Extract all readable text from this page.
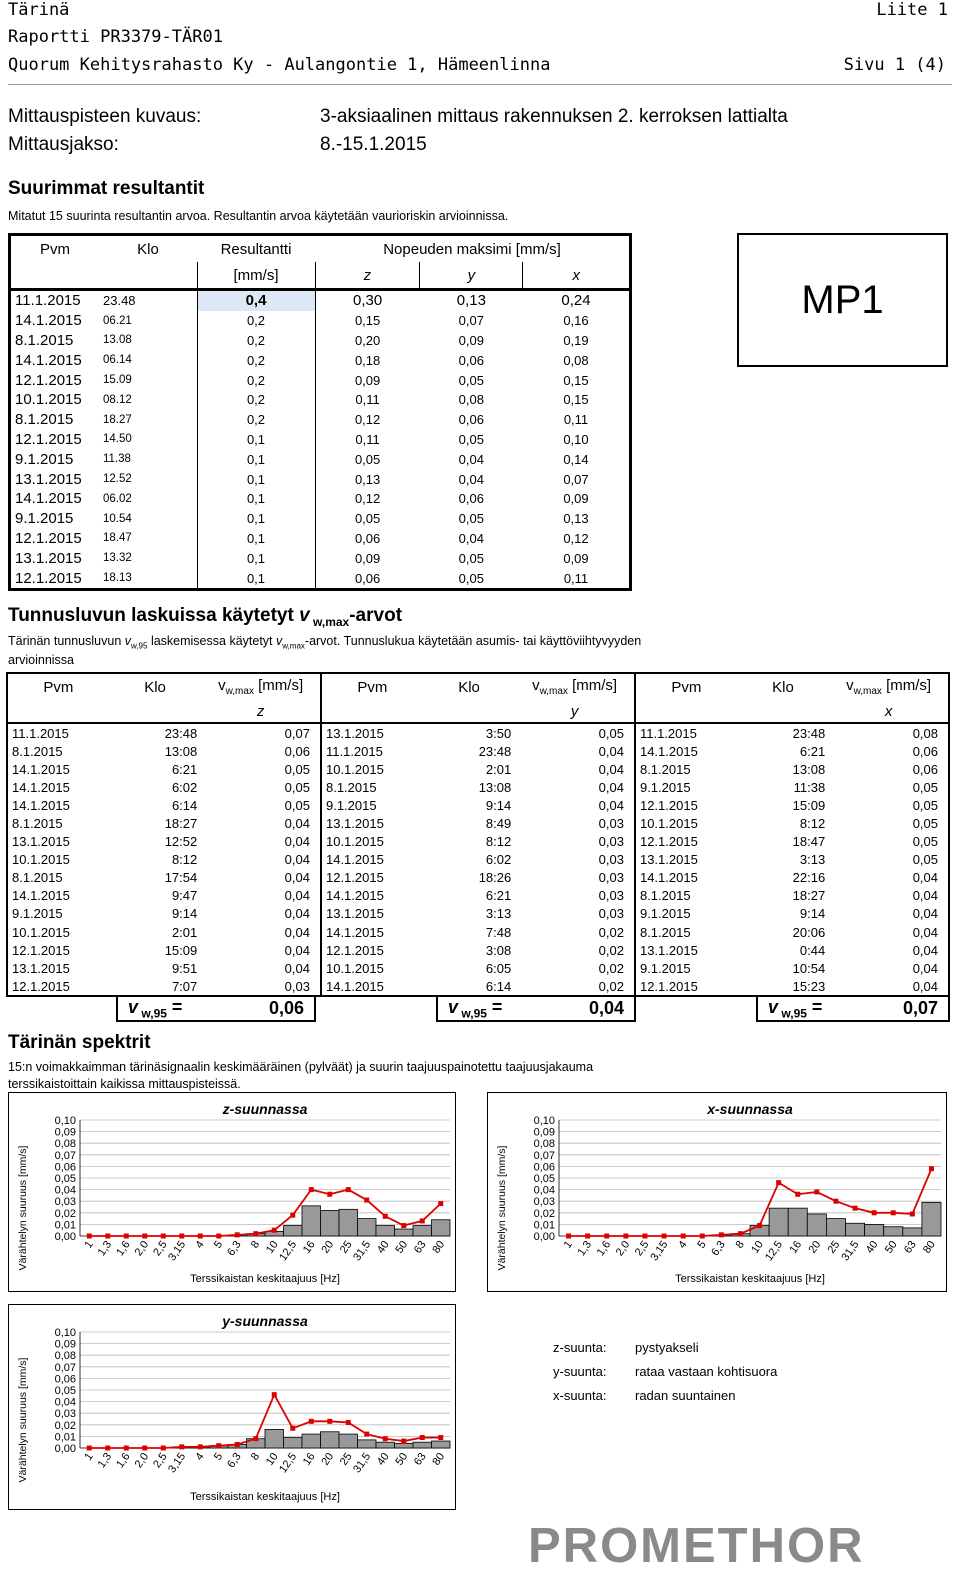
Tärinä	Liite 1
Raportti PR3379-TÄR01
Quorum Kehitysrahasto Ky - Aulangontie 1, Hämeenlinna	Sivu 1 (4)
Mittauspisteen kuvaus:	3-aksiaalinen mittaus rakennuksen 2. kerroksen lattialta
Mittausjakso:	8.-15.1.2015
Suurimmat resultantit
Mitatut 15 suurinta resultantin arvoa. Resultantin arvoa käytetään vaurioriskin arvioinnissa.
Pvm	Klo	Resultantti	Nopeuden maksimi [mm/s]		
		[mm/s]	z	y	x
11.1.2015	23.48	0,4	0,30	0,13	0,24
14.1.2015	06.21	0,2	0,15	0,07	0,16
8.1.2015	13.08	0,2	0,20	0,09	0,19
14.1.2015	06.14	0,2	0,18	0,06	0,08
12.1.2015	15.09	0,2	0,09	0,05	0,15
10.1.2015	08.12	0,2	0,11	0,08	0,15
8.1.2015	18.27	0,2	0,12	0,06	0,11
12.1.2015	14.50	0,1	0,11	0,05	0,10
9.1.2015	11.38	0,1	0,05	0,04	0,14
13.1.2015	12.52	0,1	0,13	0,04	0,07
14.1.2015	06.02	0,1	0,12	0,06	0,09
9.1.2015	10.54	0,1	0,05	0,05	0,13
12.1.2015	18.47	0,1	0,06	0,04	0,12
13.1.2015	13.32	0,1	0,09	0,05	0,09
12.1.2015	18.13	0,1	0,06	0,05	0,11
MP1
Tunnusluvun laskuissa käytetyt v $_{w,max}$-arvot
Tärinän tunnusluvun $v_{w,95}$ laskemisessa käytetyt $v_{w,max}$-arvot. Tunnuslukua käytetään asumis- tai käyttöviihtyvyyden
arvioinnissa
Pvm	Klo	$v_{w,max}$ [mm/s]	Pvm	Klo	$v_{w,max}$ [mm/s]	Pvm	Klo	$v_{w,max}$ [mm/s]
		z			y			x
11.1.2015	23:48	0,07	13.1.2015	3:50	0,05	11.1.2015	23:48	0,08
8.1.2015	13:08	0,06	11.1.2015	23:48	0,04	14.1.2015	6:21	0,06
14.1.2015	6:21	0,05	10.1.2015	2:01	0,04	8.1.2015	13:08	0,06
14.1.2015	6:02	0,05	8.1.2015	13:08	0,04	9.1.2015	11:38	0,05
14.1.2015	6:14	0,05	9.1.2015	9:14	0,04	12.1.2015	15:09	0,05
8.1.2015	18:27	0,04	13.1.2015	8:49	0,03	10.1.2015	8:12	0,05
13.1.2015	12:52	0,04	10.1.2015	8:12	0,03	12.1.2015	18:47	0,05
10.1.2015	8:12	0,04	14.1.2015	6:02	0,03	13.1.2015	3:13	0,05
8.1.2015	17:54	0,04	12.1.2015	18:26	0,03	14.1.2015	22:16	0,04
14.1.2015	9:47	0,04	14.1.2015	6:21	0,03	8.1.2015	18:27	0,04
9.1.2015	9:14	0,04	13.1.2015	3:13	0,03	9.1.2015	9:14	0,04
10.1.2015	2:01	0,04	14.1.2015	7:48	0,02	8.1.2015	20:06	0,04
12.1.2015	15:09	0,04	12.1.2015	3:08	0,02	13.1.2015	0:44	0,04
13.1.2015	9:51	0,04	10.1.2015	6:05	0,02	9.1.2015	10:54	0,04
12.1.2015	7:07	0,03	14.1.2015	6:14	0,02	12.1.2015	15:23	0,04
v $_{w,95}$ =	0,06	v $_{w,95}$ =	0,04	v $_{w,95}$ =	0,07
Tärinän spektrit
15:n voimakkaimman tärinäsignaalin keskimääräinen (pylväät) ja suurin taajuuspainotettu taajuusjakauma
terssikaistoittain kaikissa mittauspisteissä.
z-suunnassa
Värähtelyn suuruus [mm/s]
0,10
0,09
0,08
0,07
0,06
0,05
0,04
0,03
0,02
0,01
0,00
1 1,3 1,6 2,0 2,5
3,15 4 5 6,3 8 10
12,5 16 20 25
31,5 40 50 63 80
Terssikaistan keskitaajuus [Hz]
x-suunnassa
Värähtelyn suuruus [mm/s]
0,10
0,09
0,08
0,07
0,06
0,05
0,04
0,03
0,02
0,01
0,00
1 1,3 1,6 2,0 2,5
3,15 4 5 6,3 8 10
12,5 16 20 25
31,5 40 50 63 80
Terssikaistan keskitaajuus [Hz]
y-suunnassa
Värähtelyn suuruus [mm/s]
0,10
0,09
0,08
0,07
0,06
0,05
0,04
0,03
0,02
0,01
0,00
1 1,3 1,6 2,0 2,5
3,15 4 5 6,3 8 10
12,5 16 20 25
31,5 40 50 63 80
Terssikaistan keskitaajuus [Hz]
z-suunta:	pystyakseli
y-suunta:	rataa vastaan kohtisuora
x-suunta:	radan suuntainen
PROMETHOR
